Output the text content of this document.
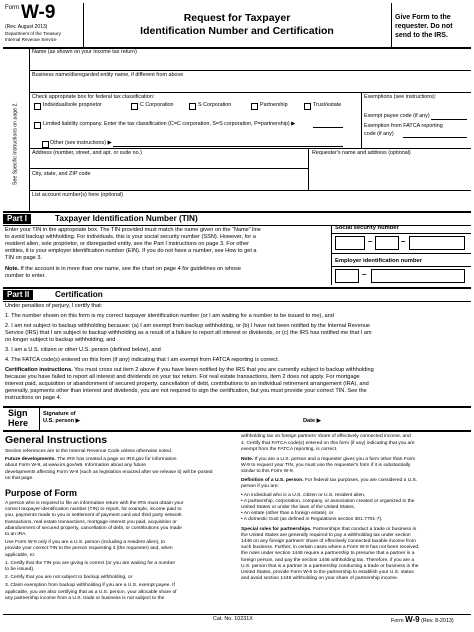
Form W-9
(Rev. August 2013)
Department of the Treasury
Internal Revenue Service
Request for Taxpayer
Identification Number and Certification
Give Form to the
requester. Do not
send to the IRS.
See Specific Instructions on page 2.
Name (as shown on your income tax return)
Business name/disregarded entity name, if different from above
Check appropriate box for federal tax classification:
Individual/sole proprietor	C Corporation	S Corporation	Partnership	Trust/estate
Limited liability company. Enter the tax classification (C=C corporation, S=S corporation, P=partnership) ▶
Other (see instructions) ▶
Exemptions (see instructions):
Exempt payee code (if any)
Exemption from FATCA reporting
code (if any)
Address (number, street, and apt. or suite no.)	Requester's name and address (optional)
City, state, and ZIP code
List account number(s) here (optional)
Part I	Taxpayer Identification Number (TIN)
Enter your TIN in the appropriate box. The TIN provided must match the name given on the “Name” line
to avoid backup withholding. For individuals, this is your social security number (SSN). However, for a
resident alien, sole proprietor, or disregarded entity, see the Part I instructions on page 3. For other
entities, it is your employer identification number (EIN). If you do not have a number, see How to get a
TIN on page 3.
Note. If the account is in more than one name, see the chart on page 4 for guidelines on whose
number to enter.
Social security number
–	–
Employer identification number
–
Part II	Certification
Under penalties of perjury, I certify that:
1. The number shown on this form is my correct taxpayer identification number (or I am waiting for a number to be issued to me), and
2. I am not subject to backup withholding because: (a) I am exempt from backup withholding, or (b) I have not been notified by the Internal Revenue
Service (IRS) that I am subject to backup withholding as a result of a failure to report all interest or dividends, or (c) the IRS has notified me that I am
no longer subject to backup withholding, and
3. I am a U.S. citizen or other U.S. person (defined below), and
4. The FATCA code(s) entered on this form (if any) indicating that I am exempt from FATCA reporting is correct.
Certification instructions. You must cross out item 2 above if you have been notified by the IRS that you are currently subject to backup withholding
because you have failed to report all interest and dividends on your tax return. For real estate transactions, item 2 does not apply. For mortgage
interest paid, acquisition or abandonment of secured property, cancellation of debt, contributions to an individual retirement arrangement (IRA), and
generally, payments other than interest and dividends, you are not required to sign the certification, but you must provide your correct TIN. See the
instructions on page 4.
Sign
Here
Signature of
U.S. person ▶	Date ▶
General Instructions
Section references are to the Internal Revenue Code unless otherwise noted.
Future developments. The IRS has created a page on IRS.gov for information
about Form W-9, at www.irs.gov/w9. Information about any future
developments affecting Form W-9 (such as legislation enacted after we release it) will be posted
on that page.
Purpose of Form
A person who is required to file an information return with the IRS must obtain your
correct taxpayer identification number (TIN) to report, for example, income paid to
you, payments made to you in settlement of payment card and third party network
transactions, real estate transactions, mortgage interest you paid, acquisition or
abandonment of secured property, cancellation of debt, or contributions you made
to an IRA.
Use Form W-9 only if you are a U.S. person (including a resident alien), to
provide your correct TIN to the person requesting it (the requester) and, when
applicable, to:
1. Certify that the TIN you are giving is correct (or you are waiting for a number
to be issued),
2. Certify that you are not subject to backup withholding, or
3. Claim exemption from backup withholding if you are a U.S. exempt payee. If
applicable, you are also certifying that as a U.S. person, your allocable share of
any partnership income from a U.S. trade or business is not subject to the
withholding tax on foreign partners' share of effectively connected income, and
4. Certify that FATCA code(s) entered on this form (if any) indicating that you are
exempt from the FATCA reporting, is correct.
Note. If you are a U.S. person and a requester gives you a form other than Form
W-9 to request your TIN, you must use the requester's form if it is substantially
similar to this Form W-9.
Definition of a U.S. person. For federal tax purposes, you are considered a U.S.
person if you are:
• An individual who is a U.S. citizen or U.S. resident alien,
• A partnership, corporation, company, or association created or organized in the
United States or under the laws of the United States,
• An estate (other than a foreign estate), or
• A domestic trust (as defined in Regulations section 301.7701-7).
Special rules for partnerships. Partnerships that conduct a trade or business in
the United States are generally required to pay a withholding tax under section
1446 on any foreign partners' share of effectively connected taxable income from
such business. Further, in certain cases where a Form W-9 has not been received,
the rules under section 1446 require a partnership to presume that a partner is a
foreign person, and pay the section 1446 withholding tax. Therefore, if you are a
U.S. person that is a partner in a partnership conducting a trade or business in the
United States, provide Form W-9 to the partnership to establish your U.S. status
and avoid section 1446 withholding on your share of partnership income.
Cat. No. 10231X	Form W-9 (Rev. 8-2013)
